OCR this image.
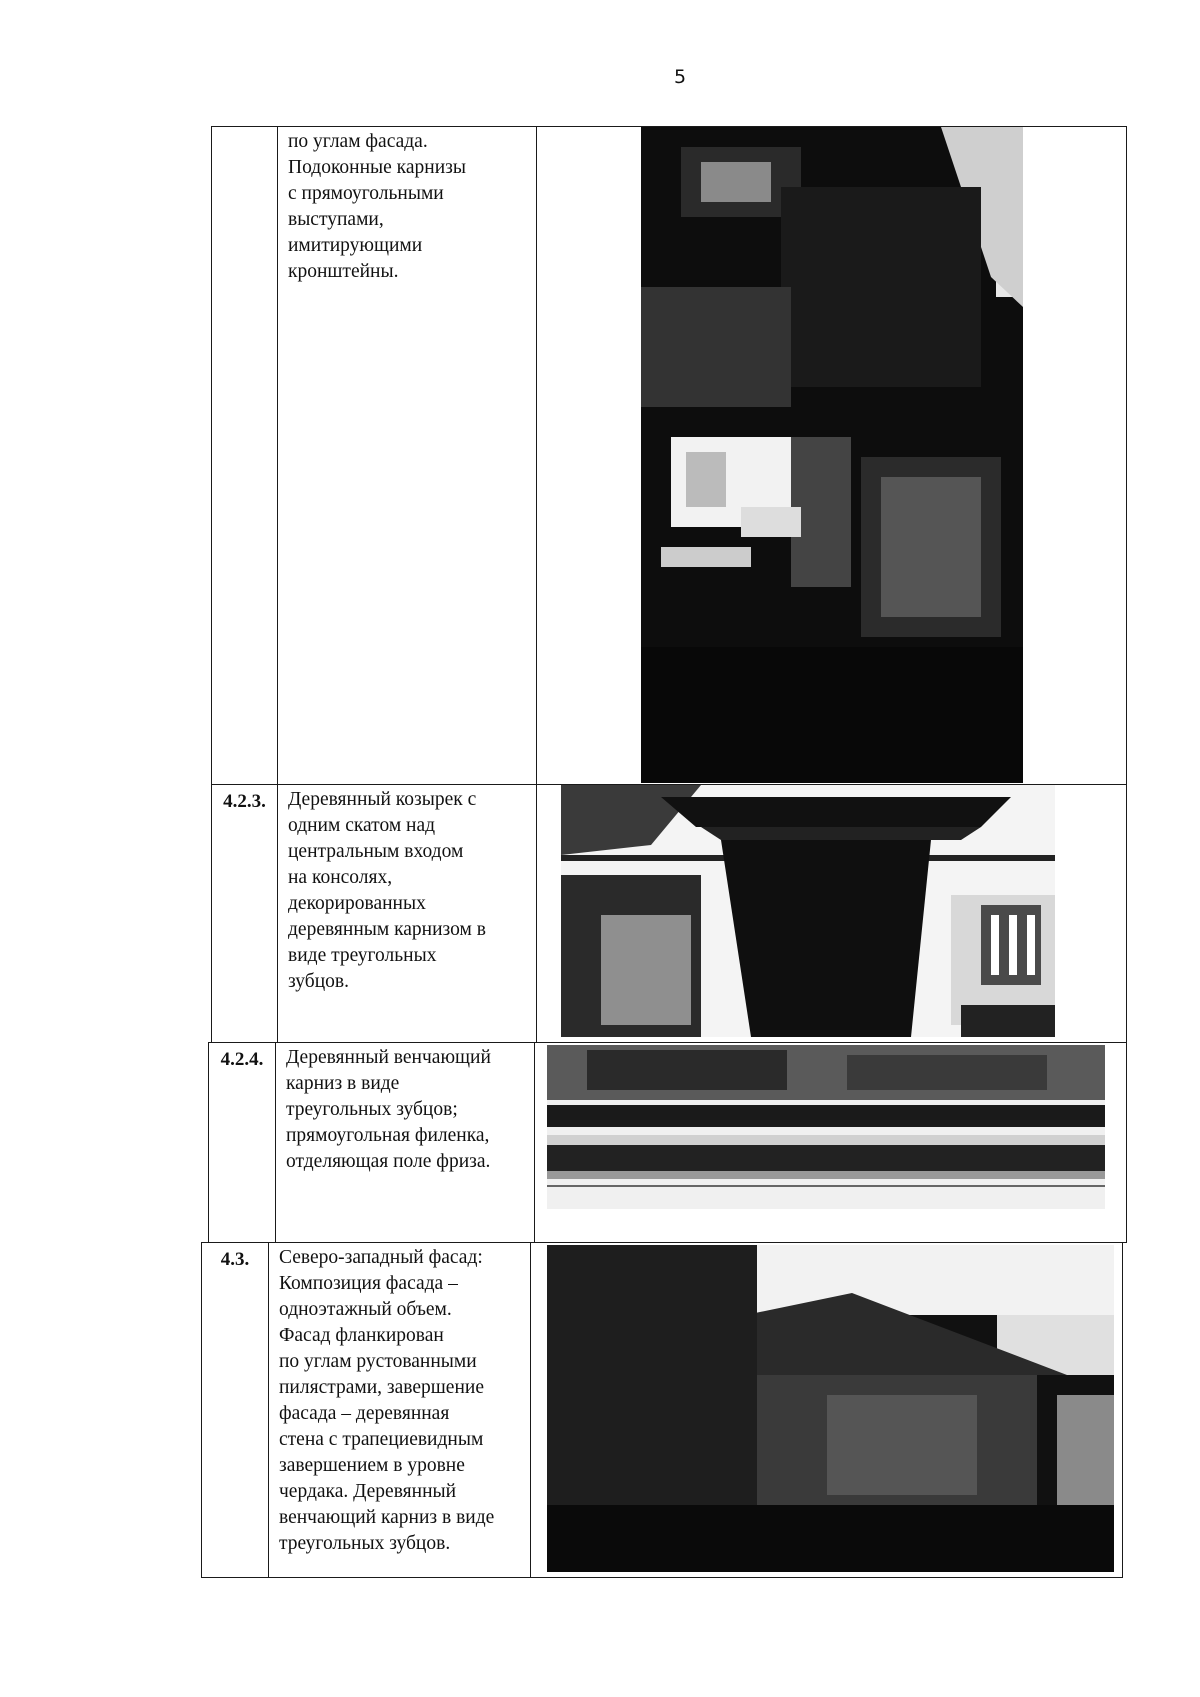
5

по углам фасада.
Подоконные карнизы
с прямоугольными
выступами,
имитирующими
кронштейны.

4.2.3.	Деревянный козырек с
одним скатом над
центральным входом
на консолях,
декорированных
деревянным карнизом в
виде треугольных
зубцов.

4.2.4.	Деревянный венчающий
карниз в виде
треугольных зубцов;
прямоугольная филенка,
отделяющая поле фриза.

4.3.	Северо-западный фасад:
Композиция фасада –
одноэтажный объем.
Фасад фланкирован
по углам рустованными
пилястрами, завершение
фасада – деревянная
стена с трапециевидным
завершением в уровне
чердака. Деревянный
венчающий карниз в виде
треугольных зубцов.
